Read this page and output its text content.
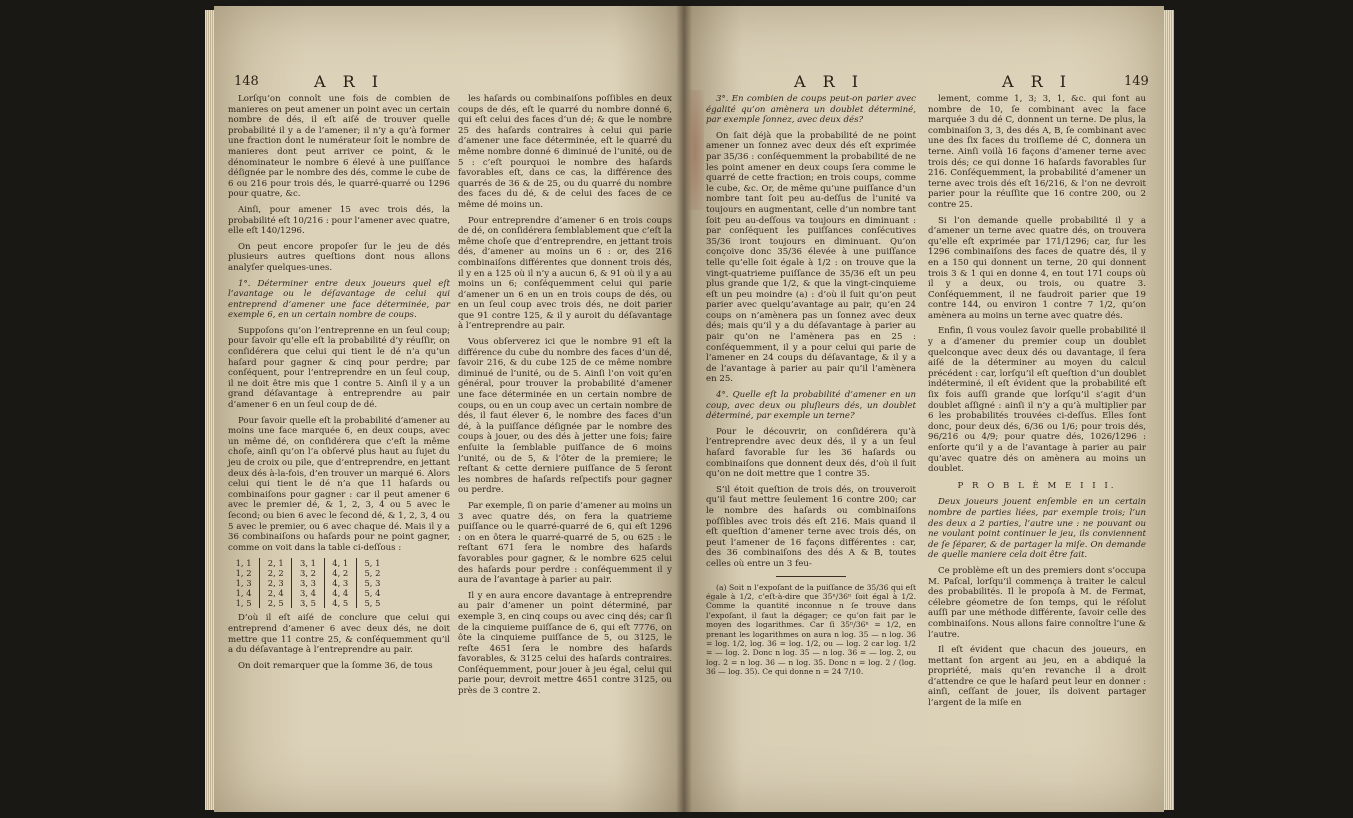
148	A R I

Lorſqu’on connoît une fois de combien de manieres on peut amener un point avec un certain nombre de dés, il eſt aiſé de trouver quelle probabilité il y a de l’amener; il n’y a qu’à former une fraction dont le numérateur ſoit le nombre de manieres dont peut arriver ce point, & le dénominateur le nombre 6 élevé à une puiſſance déſignée par le nombre des dés, comme le cube de 6 ou 216 pour trois dés, le quarré-quarré ou 1296 pour quatre, &c.

Ainſi, pour amener 15 avec trois dés, la probabilité eſt 10/216 : pour l’amener avec quatre, elle eſt 140/1296.

On peut encore propoſer ſur le jeu de dés plusieurs autres queſtions dont nous allons analyſer quelques-unes.

1°. Déterminer entre deux joueurs quel eſt l’avantage ou le déſavantage de celui qui entreprend d’amener une face déterminée, par exemple 6, en un certain nombre de coups.

Suppoſons qu’on l’entreprenne en un ſeul coup; pour ſavoir qu’elle eſt la probabilité d’y réuſſir, on conſidérera que celui qui tient le dé n’a qu’un haſard pour gagner & cinq pour perdre; par conſéquent, pour l’entreprendre en un ſeul coup, il ne doit être mis que 1 contre 5. Ainſi il y a un grand déſavantage à entreprendre au pair d’amener 6 en un ſeul coup de dé.

Pour ſavoir quelle eſt la probabilité d’amener au moins une face marquée 6, en deux coups, avec un même dé, on conſidérera que c’eſt la même choſe, ainſi qu’on l’a obſervé plus haut au ſujet du jeu de croix ou pile, que d’entreprendre, en jettant deux dés à-la-fois, d’en trouver un marqué 6. Alors celui qui tient le dé n’a que 11 haſards ou combinaiſons pour gagner : car il peut amener 6 avec le premier dé, & 1, 2, 3, 4 ou 5 avec le ſecond; ou bien 6 avec le ſecond dé, & 1, 2, 3, 4 ou 5 avec le premier, ou 6 avec chaque dé. Mais il y a 36 combinaiſons ou haſards pour ne point gagner, comme on voit dans la table ci-deſſous :

1, 1	2, 1	3, 1	4, 1	5, 1
1, 2	2, 2	3, 2	4, 2	5, 2
1, 3	2, 3	3, 3	4, 3	5, 3
1, 4	2, 4	3, 4	4, 4	5, 4
1, 5	2, 5	3, 5	4, 5	5, 5

D’où il eſt aiſé de conclure que celui qui entreprend d’amener 6 avec deux dés, ne doit mettre que 11 contre 25, & conſéquemment qu’il a du déſavantage à l’entreprendre au pair.

On doit remarquer que la ſomme 36, de tous

les haſards ou combinaiſons poſſibles en deux coups de dés, eſt le quarré du nombre donné 6, qui eſt celui des faces d’un dé; & que le nombre 25 des haſards contraires à celui qui parie d’amener une face déterminée, eſt le quarré du même nombre donné 6 diminué de l’unité, ou de 5 : c’eſt pourquoi le nombre des haſards favorables eſt, dans ce cas, la différence des quarrés de 36 & de 25, ou du quarré du nombre des faces du dé, & de celui des faces de ce même dé moins un.

Pour entreprendre d’amener 6 en trois coups de dé, on conſidérera ſemblablement que c’eſt la même choſe que d’entreprendre, en jettant trois dés, d’amener au moins un 6 : or, des 216 combinaiſons différentes que donnent trois dés, il y en a 125 où il n’y a aucun 6, & 91 où il y a au moins un 6; conſéquemment celui qui parie d’amener un 6 en un en trois coups de dés, ou en un ſeul coup avec trois dés, ne doit parier que 91 contre 125, & il y auroit du déſavantage à l’entreprendre au pair.

Vous obſerverez ici que le nombre 91 eſt la différence du cube du nombre des faces d’un dé, ſavoir 216, & du cube 125 de ce même nombre diminué de l’unité, ou de 5. Ainſi l’on voit qu’en général, pour trouver la probabilité d’amener une face déterminée en un certain nombre de coups, ou en un coup avec un certain nombre de dés, il faut élever 6, le nombre des faces d’un dé, à la puiſſance déſignée par le nombre des coups à jouer, ou des dés à jetter une fois; faire enſuite la ſemblable puiſſance de 6 moins l’unité, ou de 5, & l’ôter de la premiere; le reſtant & cette derniere puiſſance de 5 ſeront les nombres de haſards reſpectifs pour gagner ou perdre.

Par exemple, ſi on parie d’amener au moins un 3 avec quatre dés, on fera la quatrieme puiſſance ou le quarré-quarré de 6, qui eſt 1296 : on en ôtera le quarré-quarré de 5, ou 625 : le reſtant 671 ſera le nombre des haſards favorables pour gagner, & le nombre 625 celui des haſards pour perdre : conſéquemment il y aura de l’avantage à parier au pair.

Il y en aura encore davantage à entreprendre au pair d’amener un point déterminé, par exemple 3, en cinq coups ou avec cinq dés; car ſi de la cinquieme puiſſance de 6, qui eſt 7776, on ôte la cinquieme puiſſance de 5, ou 3125, le reſte 4651 ſera le nombre des haſards favorables, & 3125 celui des haſards contraires. Conſéquemment, pour jouer à jeu égal, celui qui parie pour, devroit mettre 4651 contre 3125, ou près de 3 contre 2.

A R I	A R I	149

3°. En combien de coups peut-on parier avec égalité qu’on amènera un doublet déterminé, par exemple ſonnez, avec deux dés?

On ſait déjà que la probabilité de ne point amener un ſonnez avec deux dés eſt exprimée par 35/36 : conſéquemment la probabilité de ne les point amener en deux coups ſera comme le quarré de cette fraction; en trois coups, comme le cube, &c. Or, de même qu’une puiſſance d’un nombre tant ſoit peu au-deſſus de l’unité va toujours en augmentant, celle d’un nombre tant ſoit peu au-deſſous va toujours en diminuant : par conſéquent les puiſſances conſécutives 35/36 iront toujours en diminuant. Qu’on conçoive donc 35/36 élevée à une puiſſance telle qu’elle ſoit égale à 1/2 : on trouve que la vingt-quatrieme puiſſance de 35/36 eſt un peu plus grande que 1/2, & que la vingt-cinquieme eſt un peu moindre (a) : d’où il ſuit qu’on peut parier avec quelqu’avantage au pair, qu’en 24 coups on n’amènera pas un ſonnez avec deux dés; mais qu’il y a du déſavantage à parier au pair qu’on ne l’amènera pas en 25 : conſéquemment, il y a pour celui qui parie de l’amener en 24 coups du déſavantage, & il y a de l’avantage à parier au pair qu’il l’amènera en 25.

4°. Quelle eſt la probabilité d’amener en un coup, avec deux ou pluſieurs dés, un doublet déterminé, par exemple un terne?

Pour le découvrir, on conſidérera qu’à l’entreprendre avec deux dés, il y a un ſeul haſard favorable ſur les 36 haſards ou combinaiſons que donnent deux dés, d’où il ſuit qu’on ne doit mettre que 1 contre 35.

S’il étoit queſtion de trois dés, on trouveroit qu’il faut mettre ſeulement 16 contre 200; car le nombre des haſards ou combinaiſons poſſibles avec trois dés eſt 216. Mais quand il eſt queſtion d’amener terne avec trois dés, on peut l’amener de 16 façons différentes : car, des 36 combinaiſons des dés A & B, toutes celles où entre un 3 feu-

(a) Soit n l’expoſant de la puiſſance de 35/36 qui eſt égale à 1/2, c’eſt-à-dire que 35ⁿ/36ⁿ ſoit égal à 1/2. Comme la quantité inconnue n ſe trouve dans l’expoſant, il faut la dégager; ce qu’on fait par le moyen des logarithmes. Car ſi 35ⁿ/36ⁿ = 1/2, en prenant les logarithmes on aura n log. 35 — n log. 36 = log. 1/2, log. 36 = log. 1/2, ou — log. 2 car log. 1/2 = — log. 2. Donc n log. 35 — n log. 36 = — log. 2, ou log. 2 = n log. 36 — n log. 35. Donc n = log. 2 / (log. 36 — log. 35). Ce qui donne n = 24 7/10.

lement, comme 1, 3; 3, 1, &c. qui font au nombre de 10, ſe combinant avec la face marquée 3 du dé C, donnent un terne. De plus, la combinaiſon 3, 3, des dés A, B, ſe combinant avec une des ſix faces du troiſieme dé C, donnera un terne. Ainſi voilà 16 façons d’amener terne avec trois dés; ce qui donne 16 haſards favorables ſur 216. Conſéquemment, la probabilité d’amener un terne avec trois dés eſt 16/216, & l’on ne devroit parier pour la réuſſite que 16 contre 200, ou 2 contre 25.

Si l’on demande quelle probabilité il y a d’amener un terne avec quatre dés, on trouvera qu’elle eſt exprimée par 171/1296; car, ſur les 1296 combinaiſons des faces de quatre dés, il y en a 150 qui donnent un terne, 20 qui donnent trois 3 & 1 qui en donne 4, en tout 171 coups où il y a deux, ou trois, ou quatre 3. Conſéquemment, il ne faudroit parier que 19 contre 144, ou environ 1 contre 7 1/2, qu’on amènera au moins un terne avec quatre dés.

Enfin, ſi vous voulez ſavoir quelle probabilité il y a d’amener du premier coup un doublet quelconque avec deux dés ou davantage, il ſera aiſé de la déterminer au moyen du calcul précédent : car, lorſqu’il eſt queſtion d’un doublet indéterminé, il eſt évident que la probabilité eſt ſix fois auſſi grande que lorſqu’il s’agit d’un doublet aſſigné : ainſi il n’y a qu’à multiplier par 6 les probabilités trouvées ci-deſſus. Elles ſont donc, pour deux dés, 6/36 ou 1/6; pour trois dés, 96/216 ou 4/9; pour quatre dés, 1026/1296 : enſorte qu’il y a de l’avantage à parier au pair qu’avec quatre dés on amènera au moins un doublet.

P R O B L È M E I I I.

Deux joueurs jouent enſemble en un certain nombre de parties liées, par exemple trois; l’un des deux a 2 parties, l’autre une : ne pouvant ou ne voulant point continuer le jeu, ils conviennent de ſe ſéparer, & de partager la miſe. On demande de quelle maniere cela doit être fait.

Ce problème eſt un des premiers dont s’occupa M. Paſcal, lorſqu’il commença à traiter le calcul des probabilités. Il le propoſa à M. de Fermat, célebre géometre de ſon temps, qui le réſolut auſſi par une méthode différente, ſavoir celle des combinaiſons. Nous allons faire connoître l’une & l’autre.

Il eſt évident que chacun des joueurs, en mettant ſon argent au jeu, en a abdiqué la propriété, mais qu’en revanche il a droit d’attendre ce que le haſard peut leur en donner : ainſi, ceſſant de jouer, ils doivent partager l’argent de la miſe en
